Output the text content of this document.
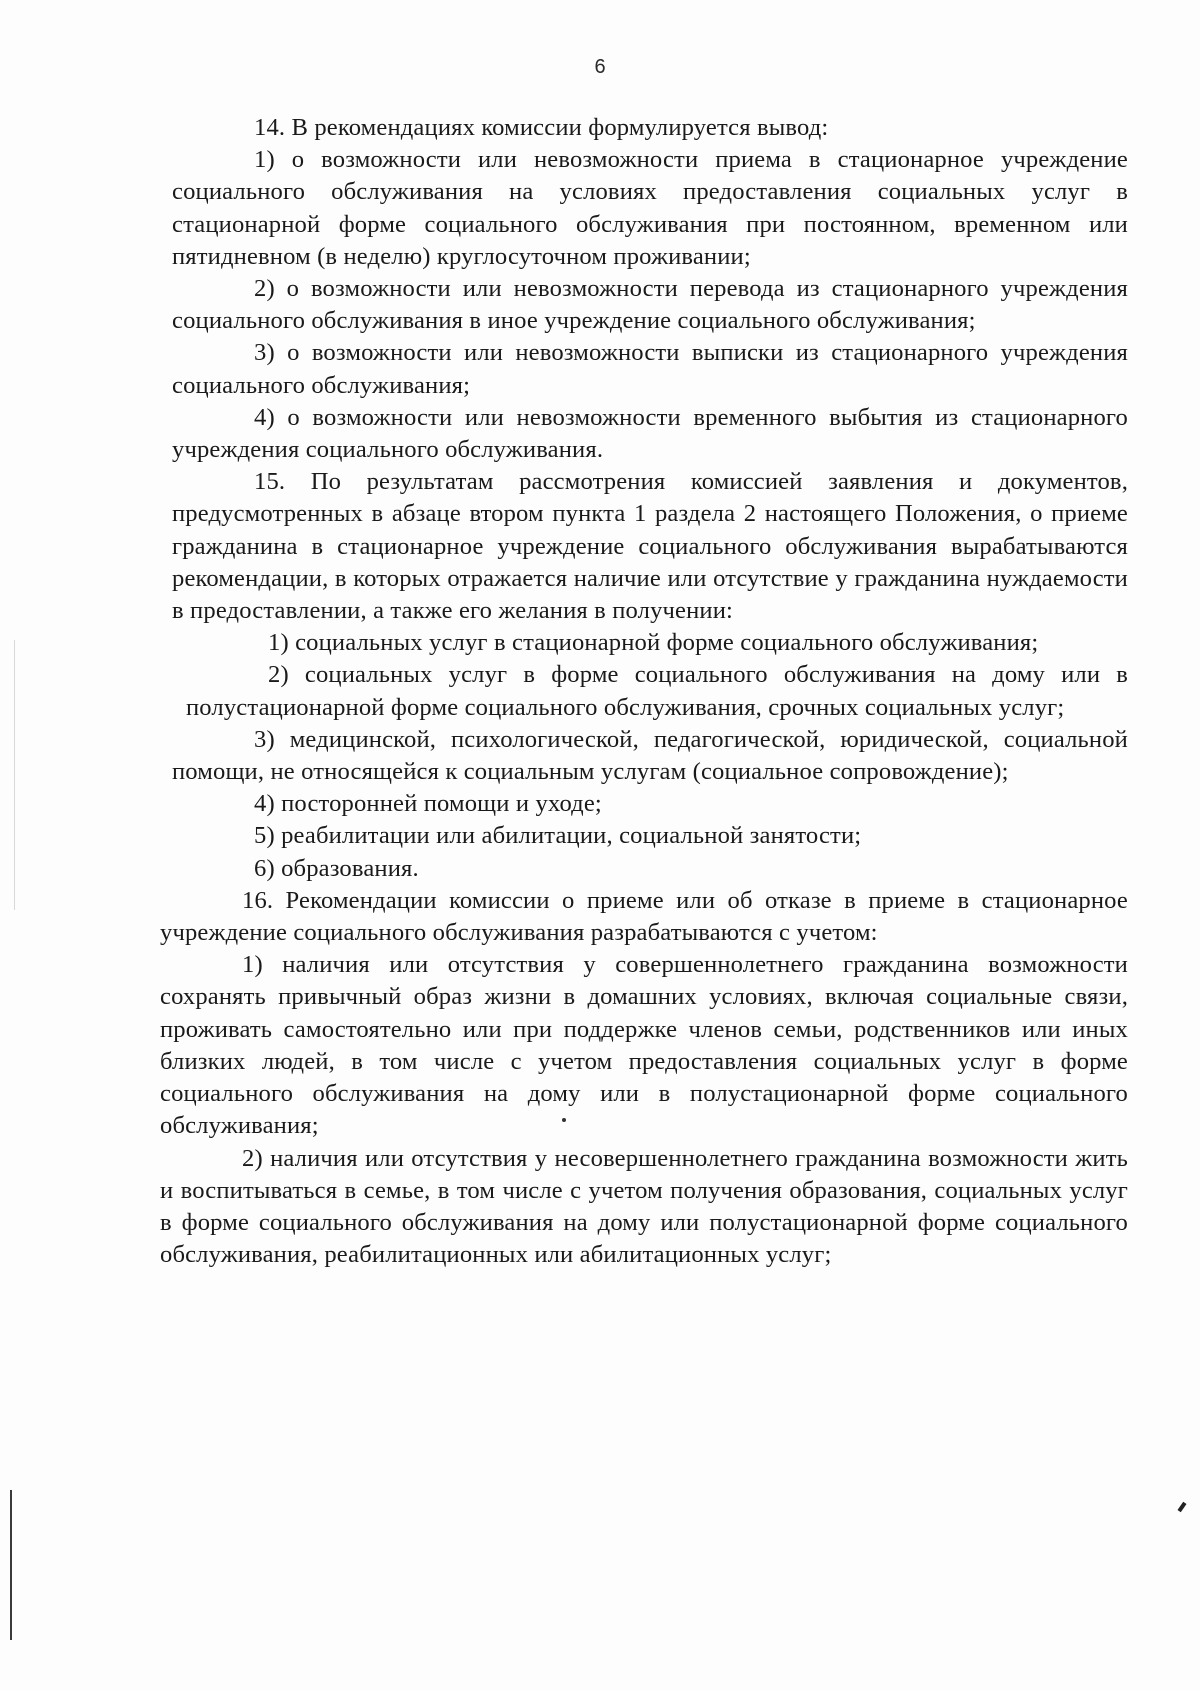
6

14. В рекомендациях комиссии формулируется вывод:

1) о возможности или невозможности приема в стационарное учреждение социального обслуживания на условиях предоставления социальных услуг в стационарной форме социального обслуживания при постоянном, временном или пятидневном (в неделю) круглосуточном проживании;

2) о возможности или невозможности перевода из стационарного учреждения социального обслуживания в иное учреждение социального обслуживания;

3) о возможности или невозможности выписки из стационарного учреждения социального обслуживания;

4) о возможности или невозможности временного выбытия из стационарного учреждения социального обслуживания.

15. По результатам рассмотрения комиссией заявления и документов, предусмотренных в абзаце втором пункта 1 раздела 2 настоящего Положения, о приеме гражданина в стационарное учреждение социального обслуживания вырабатываются рекомендации, в которых отражается наличие или отсутствие у гражданина нуждаемости в предоставлении, а также его желания в получении:

1) социальных услуг в стационарной форме социального обслуживания;

2) социальных услуг в форме социального обслуживания на дому или в полустационарной форме социального обслуживания, срочных социальных услуг;

3) медицинской, психологической, педагогической, юридической, социальной помощи, не относящейся к социальным услугам (социальное сопровождение);

4) посторонней помощи и уходе;

5) реабилитации или абилитации, социальной занятости;

6) образования.

16. Рекомендации комиссии о приеме или об отказе в приеме в стационарное учреждение социального обслуживания разрабатываются с учетом:

1) наличия или отсутствия у совершеннолетнего гражданина возможности сохранять привычный образ жизни в домашних условиях, включая социальные связи, проживать самостоятельно или при поддержке членов семьи, родственников или иных близких людей, в том числе с учетом предоставления социальных услуг в форме социального обслуживания на дому или в полустационарной форме социального обслуживания;

2) наличия или отсутствия у несовершеннолетнего гражданина возможности жить и воспитываться в семье, в том числе с учетом получения образования, социальных услуг в форме социального обслуживания на дому или полустационарной форме социального обслуживания, реабилитационных или абилитационных услуг;
